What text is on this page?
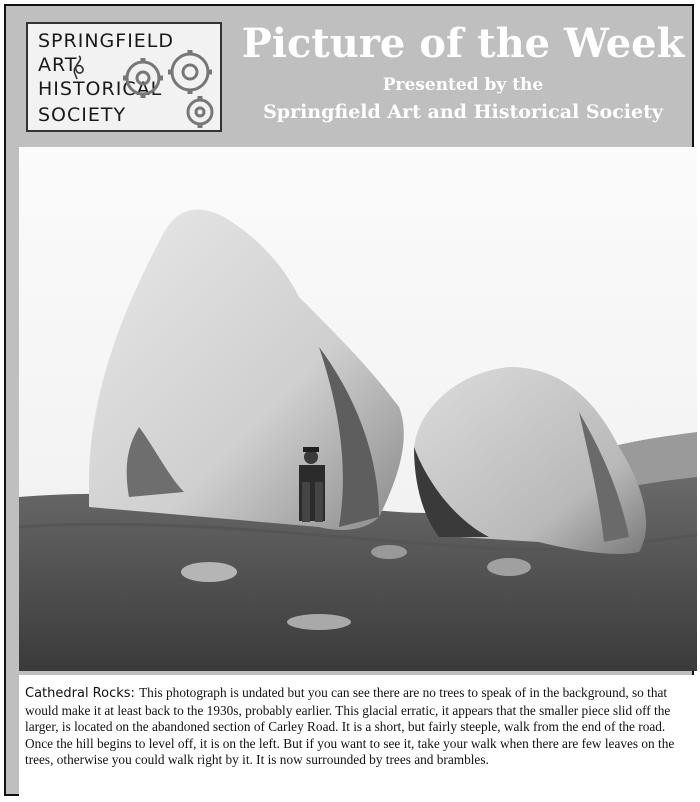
SPRINGFIELD
ART
HISTORICAL
SOCIETY
Picture of the Week
Presented by the
Springfield Art and Historical Society
Cathedral Rocks: This photograph is undated but you can see there are no trees to speak of in the background, so that would make it at least back to the 1930s, probably earlier. This glacial erratic, it appears that the smaller piece slid off the larger, is located on the abandoned section of Carley Road. It is a short, but fairly steeple, walk from the end of the road. Once the hill begins to level off, it is on the left. But if you want to see it, take your walk when there are few leaves on the trees, otherwise you could walk right by it. It is now surrounded by trees and brambles.
